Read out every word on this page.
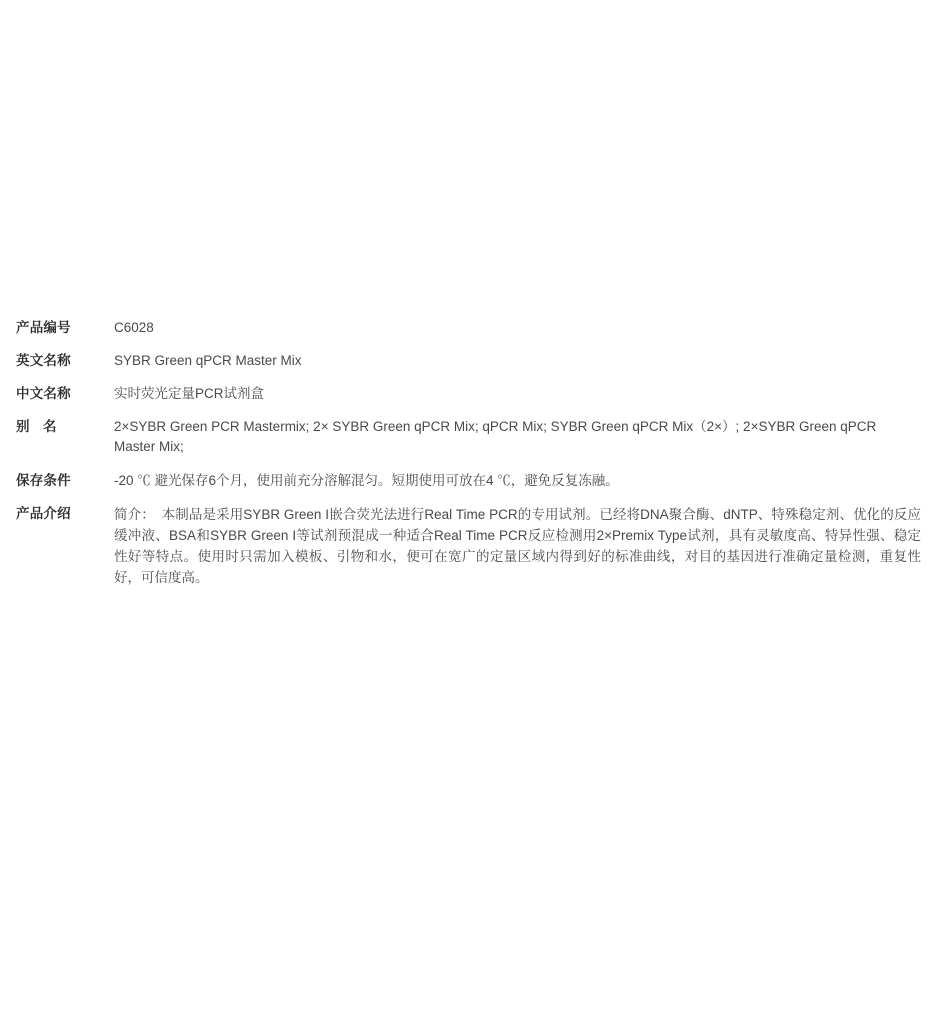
产品编号	C6028
英文名称	SYBR Green qPCR Master Mix
中文名称	实时荧光定量PCR试剂盒
别　名	2×SYBR Green PCR Mastermix; 2× SYBR Green qPCR Mix; qPCR Mix; SYBR Green qPCR Mix（2×）; 2×SYBR Green qPCR Master Mix;
保存条件	-20 ℃ 避光保存6个月，使用前充分溶解混匀。短期使用可放在4 ℃，避免反复冻融。
产品介绍	简介：　本制品是采用SYBR Green I嵌合荧光法进行Real Time PCR的专用试剂。已经将DNA聚合酶、dNTP、特殊稳定剂、优化的反应缓冲液、BSA和SYBR Green I等试剂预混成一种适合Real Time PCR反应检测用2×Premix Type试剂，具有灵敏度高、特异性强、稳定性好等特点。使用时只需加入模板、引物和水，便可在宽广的定量区域内得到好的标准曲线，对目的基因进行准确定量检测，重复性好，可信度高。
